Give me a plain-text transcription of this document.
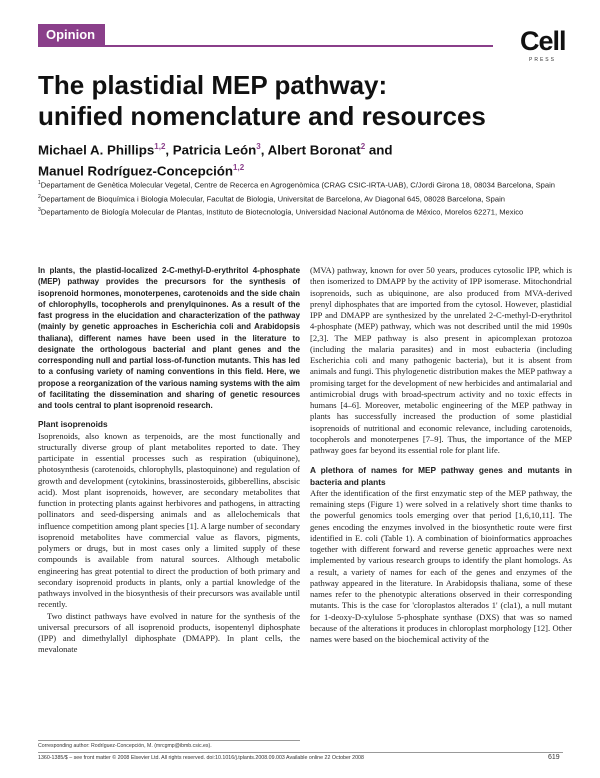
Opinion	Cell
PRESS
The plastidial MEP pathway:
unified nomenclature and resources
Michael A. Phillips$^{1,2}$, Patricia León$^3$, Albert Boronat$^2$ and
Manuel Rodríguez-Concepción$^{1,2}$

$^1$Departament de Genètica Molecular Vegetal, Centre de Recerca en Agrogenòmica (CRAG CSIC-IRTA-UAB), C/Jordi Girona 18, 08034 Barcelona, Spain

$^2$Departament de Bioquímica i Biologia Molecular, Facultat de Biologia, Universitat de Barcelona, Av Diagonal 645, 08028 Barcelona, Spain

$^3$Departamento de Biología Molecular de Plantas, Instituto de Biotecnología, Universidad Nacional Autónoma de México, Morelos 62271, Mexico

In plants, the plastid-localized 2-C-methyl-D-erythritol 4-phosphate (MEP) pathway provides the precursors for the synthesis of isoprenoid hormones, monoterpenes, carotenoids and the side chain of chlorophylls, tocopherols and prenylquinones. As a result of the fast progress in the elucidation and characterization of the pathway (mainly by genetic approaches in Escherichia coli and Arabidopsis thaliana), different names have been used in the literature to designate the orthologous bacterial and plant genes and the corresponding null and partial loss-of-function mutants. This has led to a confusing variety of naming conventions in this field. Here, we propose a reorganization of the various naming systems with the aim of facilitating the dissemination and sharing of genetic resources and tools central to plant isoprenoid research.

Plant isoprenoids

Isoprenoids, also known as terpenoids, are the most functionally and structurally diverse group of plant metabolites reported to date. They participate in essential processes such as respiration (ubiquinone), photosynthesis (carotenoids, chlorophylls, plastoquinone) and regulation of growth and development (cytokinins, brassinosteroids, gibberellins, abscisic acid). Most plant isoprenoids, however, are secondary metabolites that function in protecting plants against herbivores and pathogens, in attracting pollinators and seed-dispersing animals and as allelochemicals that influence competition among plant species [1]. A large number of secondary isoprenoid metabolites have commercial value as flavors, pigments, polymers or drugs, but in most cases only a limited supply of these compounds is available from natural sources. Although metabolic engineering has great potential to direct the production of both primary and secondary isoprenoid products in plants, only a partial knowledge of the pathways involved in the biosynthesis of their precursors was available until recently.

Two distinct pathways have evolved in nature for the synthesis of the universal precursors of all isoprenoid products, isopentenyl diphosphate (IPP) and dimethylallyl diphosphate (DMAPP). In plant cells, the mevalonate

(MVA) pathway, known for over 50 years, produces cytosolic IPP, which is then isomerized to DMAPP by the activity of IPP isomerase. Mitochondrial isoprenoids, such as ubiquinone, are also produced from MVA-derived prenyl diphosphates that are imported from the cytosol. However, plastidial IPP and DMAPP are synthesized by the unrelated 2-C-methyl-D-erythritol 4-phosphate (MEP) pathway, which was not described until the mid 1990s [2,3]. The MEP pathway is also present in apicomplexan protozoa (including the malaria parasites) and in most eubacteria (including Escherichia coli and many pathogenic bacteria), but it is absent from animals and fungi. This phylogenetic distribution makes the MEP pathway a promising target for the development of new herbicides and antimalarial and antimicrobial drugs with broad-spectrum activity and no toxic effects in humans [4–6]. Moreover, metabolic engineering of the MEP pathway in plants has successfully increased the production of some plastidial isoprenoids of nutritional and economic relevance, including carotenoids, tocopherols and monoterpenes [7–9]. Thus, the importance of the MEP pathway goes far beyond its essential role for plant life.

A plethora of names for MEP pathway genes and mutants in bacteria and plants

After the identification of the first enzymatic step of the MEP pathway, the remaining steps (Figure 1) were solved in a relatively short time thanks to the powerful genomics tools emerging over that period [1,6,10,11]. The genes encoding the enzymes involved in the biosynthetic route were first identified in E. coli (Table 1). A combination of bioinformatics approaches together with different forward and reverse genetic approaches were next implemented by various research groups to identify the plant homologs. As a result, a variety of names for each of the genes and enzymes of the pathway appeared in the literature. In Arabidopsis thaliana, some of these names refer to the phenotypic alterations observed in their corresponding mutants. This is the case for 'cloroplastos alterados 1' (cla1), a null mutant for 1-deoxy-D-xylulose 5-phosphate synthase (DXS) that was so named because of the alterations it produces in chloroplast morphology [12]. Other names were based on the biochemical activity of the

Corresponding author: Rodríguez-Concepción, M. (mrcgmp@ibmb.csic.es).
1360-1385/$ – see front matter © 2008 Elsevier Ltd. All rights reserved. doi:10.1016/j.tplants.2008.09.003 Available online 22 October 2008	619
